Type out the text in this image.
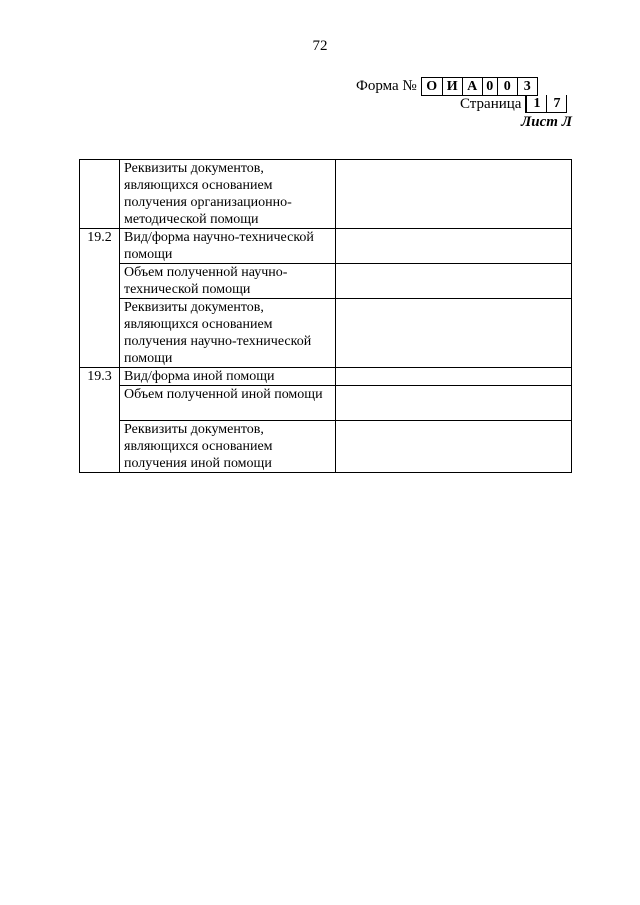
72
Форма № О И А 0 0 3
Страница 1 7
Лист Л
	Реквизиты документов, являющихся основанием получения организационно-методической помощи	
19.2	Вид/форма научно-технической помощи	
	Объем полученной научно-технической помощи	
	Реквизиты документов, являющихся основанием получения научно-технической помощи	
19.3	Вид/форма иной помощи	
	Объем полученной иной помощи	
	Реквизиты документов, являющихся основанием получения иной помощи	
